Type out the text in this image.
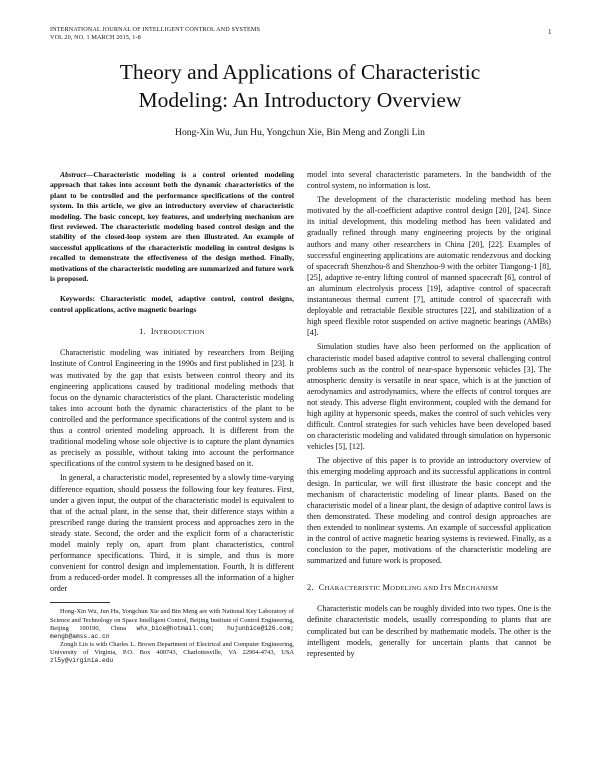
INTERNATIONAL JOURNAL OF INTELLIGENT CONTROL AND SYSTEMS
VOL 20, NO. 1 MARCH 2015, 1-8
1
Theory and Applications of Characteristic
Modeling: An Introductory Overview
Hong-Xin Wu, Jun Hu, Yongchun Xie, Bin Meng and Zongli Lin

Abstract—Characteristic modeling is a control oriented modeling approach that takes into account both the dynamic characteristics of the plant to be controlled and the performance specifications of the control system. In this article, we give an introductory overview of characteristic modeling. The basic concept, key features, and underlying mechanism are first reviewed. The characteristic modeling based control design and the stability of the closed-loop system are then illustrated. An example of successful applications of the characteristic modeling in control designs is recalled to demonstrate the effectiveness of the design method. Finally, motivations of the characteristic modeling are summarized and future work is proposed.

Keywords: Characteristic model, adaptive control, control designs, control applications, active magnetic bearings

1. INTRODUCTION

Characteristic modeling was initiated by researchers from Beijing Institute of Control Engineering in the 1990s and first published in [23]. It was motivated by the gap that exists between control theory and its engineering applications caused by traditional modeling methods that focus on the dynamic characteristics of the plant. Characteristic modeling takes into account both the dynamic characteristics of the plant to be controlled and the performance specifications of the control system and is thus a control oriented modeling approach. It is different from the traditional modeling whose sole objective is to capture the plant dynamics as precisely as possible, without taking into account the performance specifications of the control system to be designed based on it.

In general, a characteristic model, represented by a slowly time-varying difference equation, should possess the following four key features. First, under a given input, the output of the characteristic model is equivalent to that of the actual plant, in the sense that, their difference stays within a prescribed range during the transient process and approaches zero in the steady state. Second, the order and the explicit form of a characteristic model mainly reply on, apart from plant characteristics, control performance specifications. Third, it is simple, and thus is more convenient for control design and implementation. Fourth, It is different from a reduced-order model. It compresses all the information of a higher order

Hong-Xin Wu, Jun Hu, Yongchun Xie and Bin Meng are with National Key Laboratory of Science and Technology on Space Intelligent Control, Beijing Institute of Control Engineering, Beijing 100190, China whx_bice@hotmail.com; hujunbice@126.com; mengb@amss.ac.cn

Zongli Lin is with Charles L. Brown Department of Electrical and Computer Engineering, University of Virginia, P.O. Box 400743, Charlottesville, VA 22904-4743, USA zl5y@virginia.edu

model into several characteristic parameters. In the bandwidth of the control system, no information is lost.

The development of the characteristic modeling method has been motivated by the all-coefficient adaptive control design [20], [24]. Since its initial development, this modeling method has been validated and gradually refined through many engineering projects by the original authors and many other researchers in China [20], [22]. Examples of successful engineering applications are automatic rendezvous and docking of spacecraft Shenzhou-8 and Shenzhou-9 with the orbiter Tiangong-1 [8], [25], adaptive re-entry lifting control of manned spacecraft [6], control of an aluminum electrolysis process [19], adaptive control of spacecraft instantaneous thermal current [7], attitude control of spacecraft with deployable and retractable flexible structures [22], and stabilization of a high speed flexible rotor suspended on active magnetic bearings (AMBs) [4].

Simulation studies have also been performed on the application of characteristic model based adaptive control to several challenging control problems such as the control of near-space hypersonic vehicles [3]. The atmospheric density is versatile in near space, which is at the junction of aerodynamics and astrodynamics, where the effects of control torques are not steady. This adverse flight environment, coupled with the demand for high agility at hypersonic speeds, makes the control of such vehicles very difficult. Control strategies for such vehicles have been developed based on characteristic modeling and validated through simulation on hypersonic vehicles [5], [12].

The objective of this paper is to provide an introductory overview of this emerging modeling approach and its successful applications in control design. In particular, we will first illustrate the basic concept and the mechanism of characteristic modeling of linear plants. Based on the characteristic model of a linear plant, the design of adaptive control laws is then demonstrated. These modeling and control design approaches are then extended to nonlinear systems. An example of successful application in the control of active magnetic bearing systems is reviewed. Finally, as a conclusion to the paper, motivations of the characteristic modeling are summarized and future work is proposed.

2. CHARACTERISTIC MODELING AND ITS MECHANISM

Characteristic models can be roughly divided into two types. One is the definite characteristic models, usually corresponding to plants that are complicated but can be described by mathematic models. The other is the intelligent models, generally for uncertain plants that cannot be represented by
